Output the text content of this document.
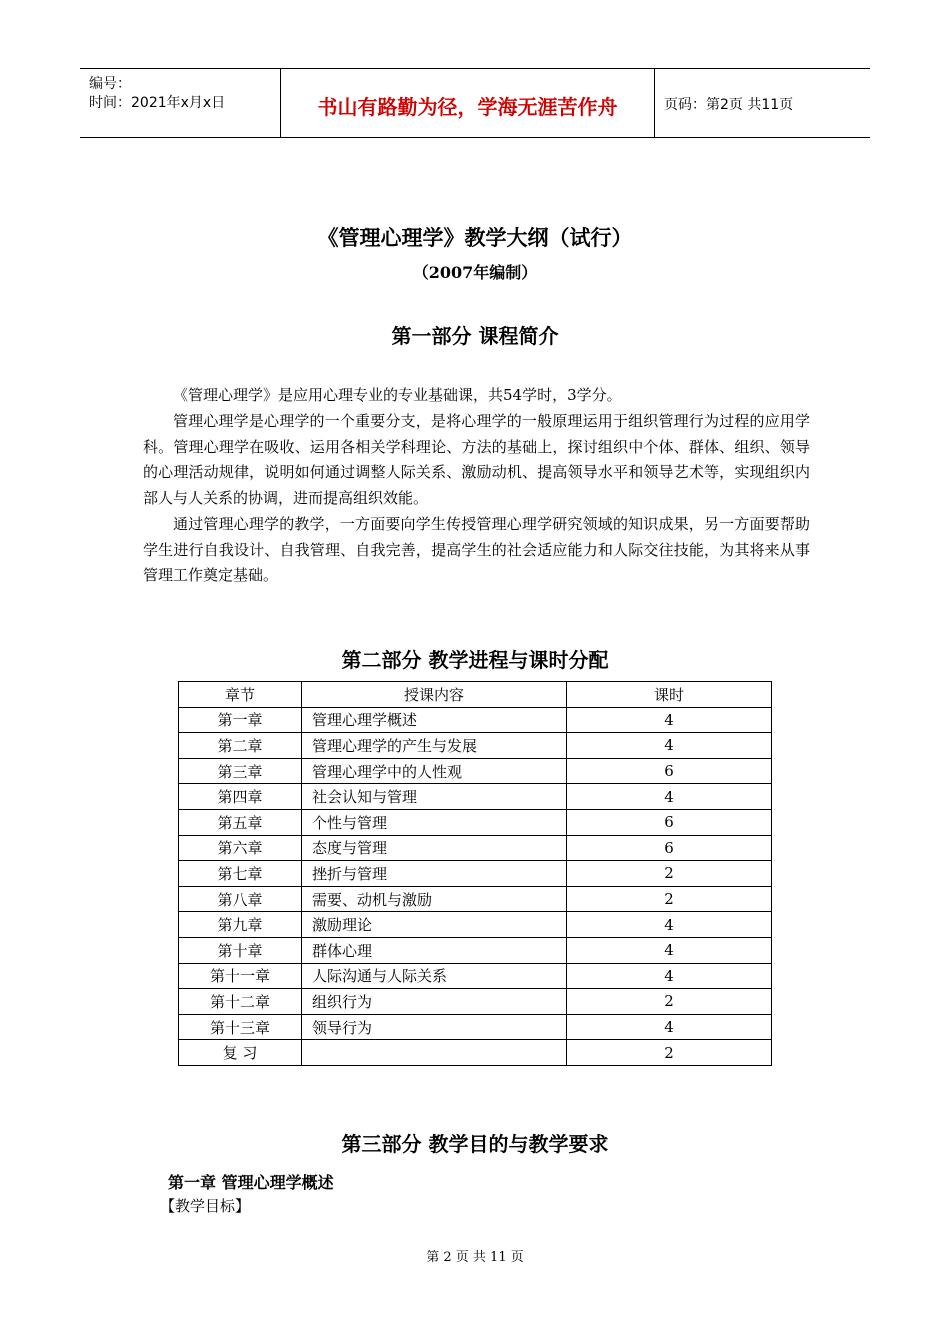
编号：
时间：2021年x月x日	书山有路勤为径，学海无涯苦作舟	页码：第2页 共11页
《管理心理学》教学大纲（试行）
（2007年编制）
第一部分 课程简介
《管理心理学》是应用心理专业的专业基础课，共54学时，3学分。
管理心理学是心理学的一个重要分支，是将心理学的一般原理运用于组织管理行为过程的应用学科。管理心理学在吸收、运用各相关学科理论、方法的基础上，探讨组织中个体、群体、组织、领导的心理活动规律，说明如何通过调整人际关系、激励动机、提高领导水平和领导艺术等，实现组织内部人与人关系的协调，进而提高组织效能。
通过管理心理学的教学，一方面要向学生传授管理心理学研究领域的知识成果，另一方面要帮助学生进行自我设计、自我管理、自我完善，提高学生的社会适应能力和人际交往技能，为其将来从事管理工作奠定基础。
第二部分 教学进程与课时分配
章节	授课内容	课时
第一章	管理心理学概述	4
第二章	管理心理学的产生与发展	4
第三章	管理心理学中的人性观	6
第四章	社会认知与管理	4
第五章	个性与管理	6
第六章	态度与管理	6
第七章	挫折与管理	2
第八章	需要、动机与激励	2
第九章	激励理论	4
第十章	群体心理	4
第十一章	人际沟通与人际关系	4
第十二章	组织行为	2
第十三章	领导行为	4
复 习		2
第三部分 教学目的与教学要求
第一章 管理心理学概述
【教学目标】
第 2 页 共 11 页
